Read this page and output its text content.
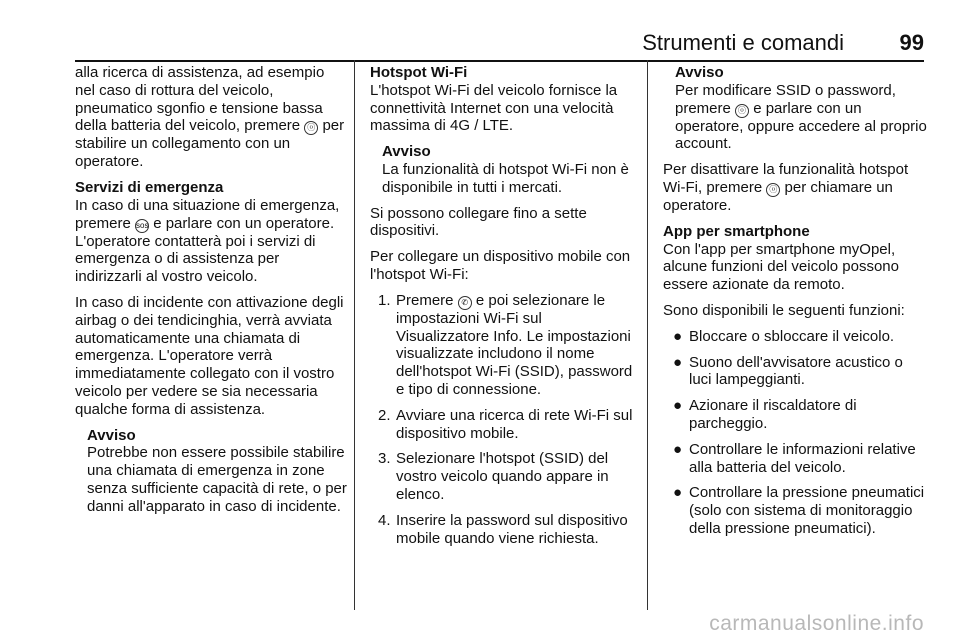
Strumenti e comandi	99

alla ricerca di assistenza, ad esempio nel caso di rottura del veicolo, pneumatico sgonfio e tensione bassa della batteria del veicolo, premere ⓞ per stabilire un collegamento con un operatore.

Servizi di emergenza
In caso di una situazione di emergenza, premere sos e parlare con un operatore. L'operatore contatterà poi i servizi di emergenza o di assistenza per indirizzarli al vostro veicolo.

In caso di incidente con attivazione degli airbag o dei tendicinghia, verrà avviata automaticamente una chiamata di emergenza. L'operatore verrà immediatamente collegato con il vostro veicolo per vedere se sia necessaria qualche forma di assistenza.

Avviso
Potrebbe non essere possibile stabilire una chiamata di emergenza in zone senza sufficiente capacità di rete, o per danni all'apparato in caso di incidente.

Hotspot Wi-Fi
L'hotspot Wi-Fi del veicolo fornisce la connettività Internet con una velocità massima di 4G / LTE.

Avviso
La funzionalità di hotspot Wi-Fi non è disponibile in tutti i mercati.

Si possono collegare fino a sette dispositivi.

Per collegare un dispositivo mobile con l'hotspot Wi-Fi:

1. Premere ✆ e poi selezionare le impostazioni Wi-Fi sul Visualizzatore Info. Le impostazioni visualizzate includono il nome dell'hotspot Wi-Fi (SSID), password e tipo di connessione.
2. Avviare una ricerca di rete Wi-Fi sul dispositivo mobile.
3. Selezionare l'hotspot (SSID) del vostro veicolo quando appare in elenco.
4. Inserire la password sul dispositivo mobile quando viene richiesta.
Avviso
Per modificare SSID o password, premere ⓞ e parlare con un operatore, oppure accedere al proprio account.

Per disattivare la funzionalità hotspot Wi-Fi, premere ⓞ per chiamare un operatore.

App per smartphone
Con l'app per smartphone myOpel, alcune funzioni del veicolo possono essere azionate da remoto.

Sono disponibili le seguenti funzioni:

● Bloccare o sbloccare il veicolo.
● Suono dell'avvisatore acustico o luci lampeggianti.
● Azionare il riscaldatore di parcheggio.
● Controllare le informazioni relative alla batteria del veicolo.
● Controllare la pressione pneumatici (solo con sistema di monitoraggio della pressione pneumatici).
carmanualsonline.info
